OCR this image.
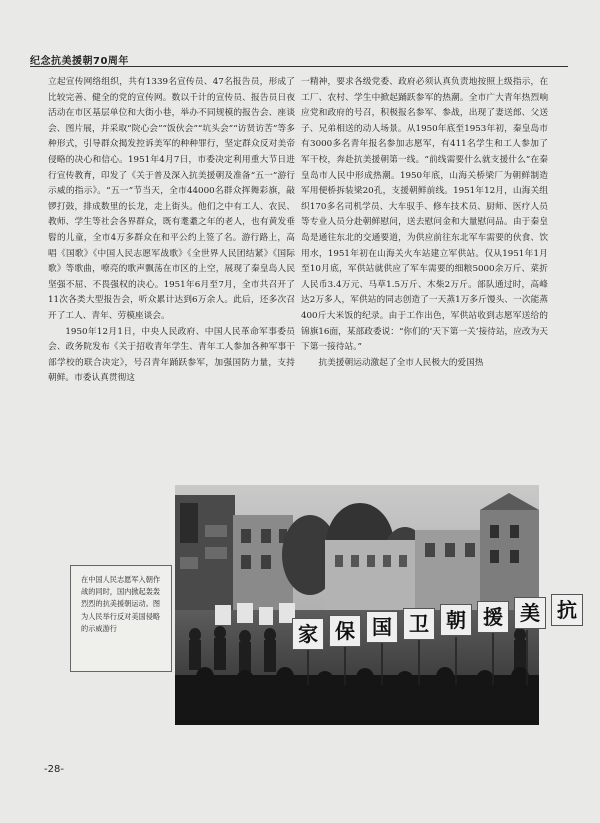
纪念抗美援朝70周年

立起宣传网络组织，共有1339名宣传员、47名报告员，形成了比较完善、健全的党的宣传网。数以千计的宣传员、报告员日夜活动在市区基层单位和大街小巷，举办不同规模的报告会、座谈会、图片展，并采取“院心会”“饭伙会”“坑头会”“访贤访苦”等多种形式，引导群众揭发控诉美军的种种罪行，坚定群众反对美帝侵略的决心和信心。1951年4月7日，市委决定利用重大节日进行宣传教育，印发了《关于普及深入抗美援朝及准备“五一”游行示威的指示》。“五一”节当天，全市44000名群众挥舞彩旗，敲锣打鼓，排成数里的长龙，走上街头。他们之中有工人、农民、教师、学生等社会各界群众，既有耄耋之年的老人，也有黄发垂髫的儿童，全市4万多群众在和平公约上签了名。游行路上，高唱《国歌》《中国人民志愿军战歌》《全世界人民团结紧》《国际歌》等歌曲，嘹亮的歌声飘荡在市区的上空，展现了秦皇岛人民坚强不屈、不畏强权的决心。1951年6月至7月，全市共召开了11次各类大型报告会，听众累计达到6万余人。此后，还多次召开了工人、青年、劳模座谈会。

1950年12月1日，中央人民政府、中国人民革命军事委员会、政务院发布《关于招收青年学生、青年工人参加各种军事干部学校的联合决定》，号召青年踊跃参军，加强国防力量，支持朝鲜。市委认真贯彻这

一精神，要求各级党委、政府必须认真负责地按照上级指示，在工厂、农村、学生中掀起踊跃参军的热潮。全市广大青年热烈响应党和政府的号召，积极报名参军、参战，出现了妻送郎、父送子、兄弟相送的动人场景。从1950年底至1953年初，秦皇岛市有3000多名青年报名参加志愿军，有411名学生和工人参加了军干校，奔赴抗美援朝第一线。“前线需要什么就支援什么”在秦皇岛市人民中形成热潮。1950年底，山海关桥梁厂为朝鲜制造军用便桥拆装梁20孔，支援朝鲜前线。1951年12月，山海关组织170多名司机学员、大车驭手、修车技术员、厨师、医疗人员等专业人员分赴朝鲜慰问，送去慰问金和大量慰问品。由于秦皇岛是通往东北的交通要道，为供应前往东北军车需要的伙食、饮用水，1951年初在山海关火车站建立军供站。仅从1951年1月至10月底，军供站就供应了军车需要的细粮5000余万斤、菜折人民币3.4万元、马草1.5万斤、木柴2万斤。部队通过时，高峰达2万多人，军供站的同志创造了一天蒸1万多斤馒头、一次能蒸400斤大米饭的纪录。由于工作出色，军供站收到志愿军送给的锦旗16面，某部政委说：“你们的‘天下第一关’接待站，应改为天下第一接待站。”

抗美援朝运动激起了全市人民极大的爱国热

家 保 国 卫 朝 援 美 抗
在中国人民志愿军入朝作战的同时，国内掀起轰轰烈烈的抗美援朝运动。图为人民举行反对美国侵略的示威游行
-28-
